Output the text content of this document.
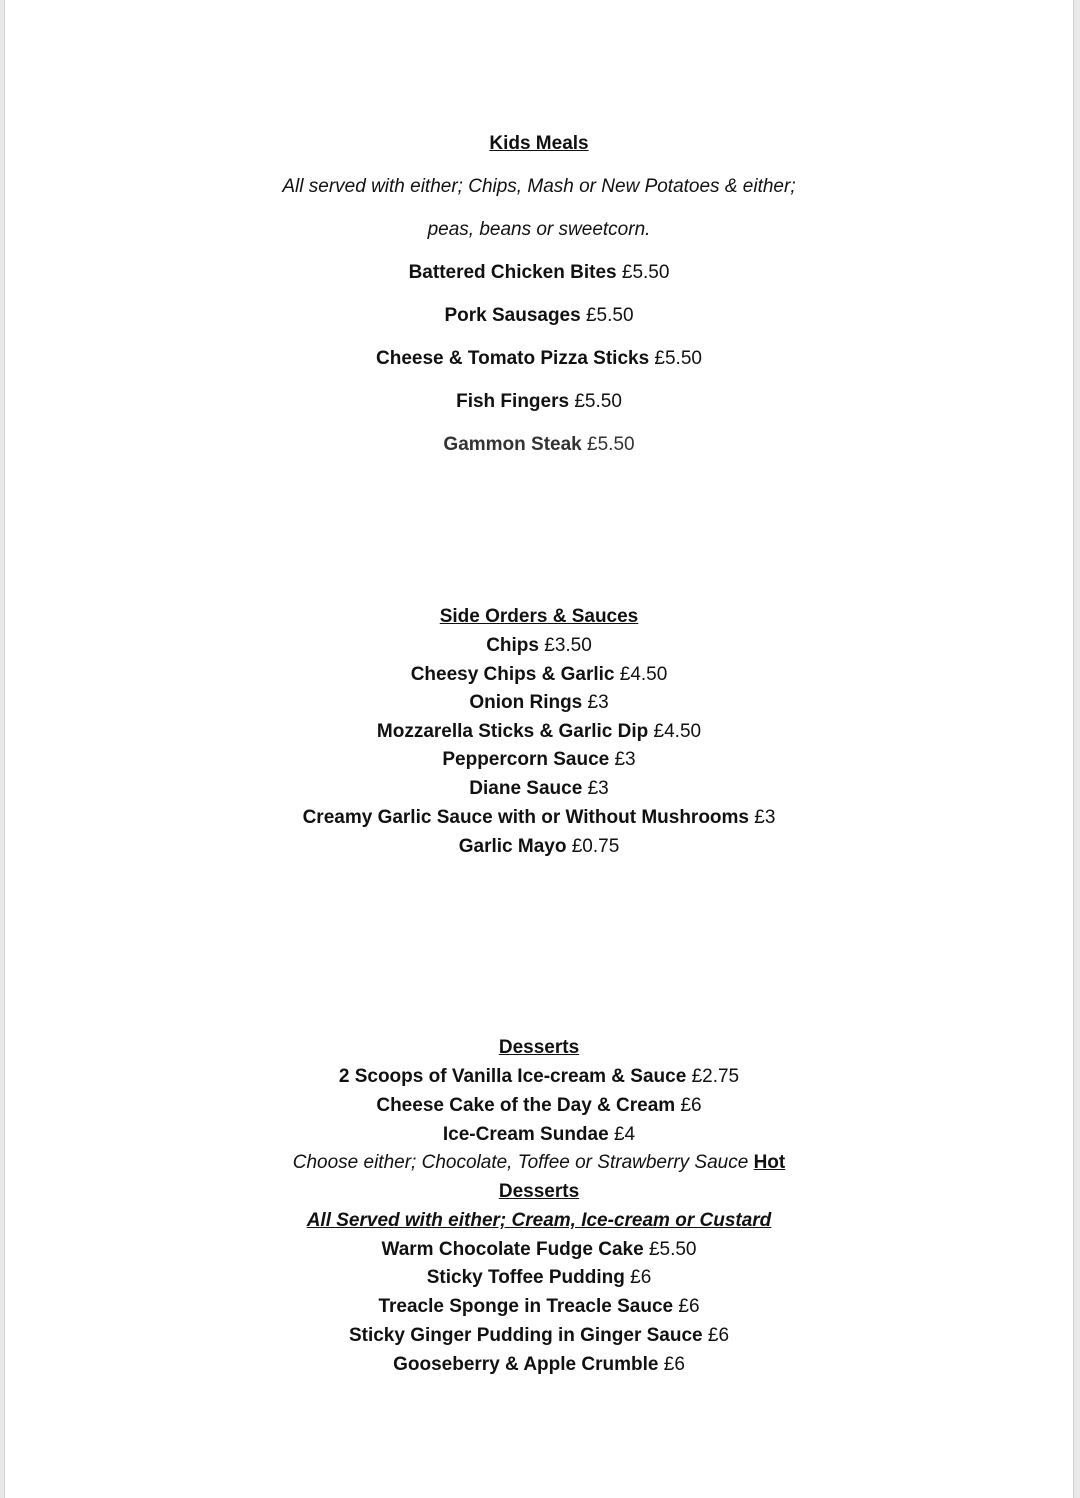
Kids Meals
All served with either; Chips, Mash or New Potatoes & either;
peas, beans or sweetcorn.
Battered Chicken Bites £5.50
Pork Sausages £5.50
Cheese & Tomato Pizza Sticks £5.50
Fish Fingers £5.50
Gammon Steak £5.50
Side Orders & Sauces
Chips £3.50
Cheesy Chips & Garlic £4.50
Onion Rings £3
Mozzarella Sticks & Garlic Dip £4.50
Peppercorn Sauce £3
Diane Sauce £3
Creamy Garlic Sauce with or Without Mushrooms £3
Garlic Mayo £0.75
Desserts
2 Scoops of Vanilla Ice-cream & Sauce £2.75
Cheese Cake of the Day & Cream £6
Ice-Cream Sundae £4
Choose either; Chocolate, Toffee or Strawberry Sauce Hot
Desserts
All Served with either; Cream, Ice-cream or Custard
Warm Chocolate Fudge Cake £5.50
Sticky Toffee Pudding £6
Treacle Sponge in Treacle Sauce £6
Sticky Ginger Pudding in Ginger Sauce £6
Gooseberry & Apple Crumble £6
